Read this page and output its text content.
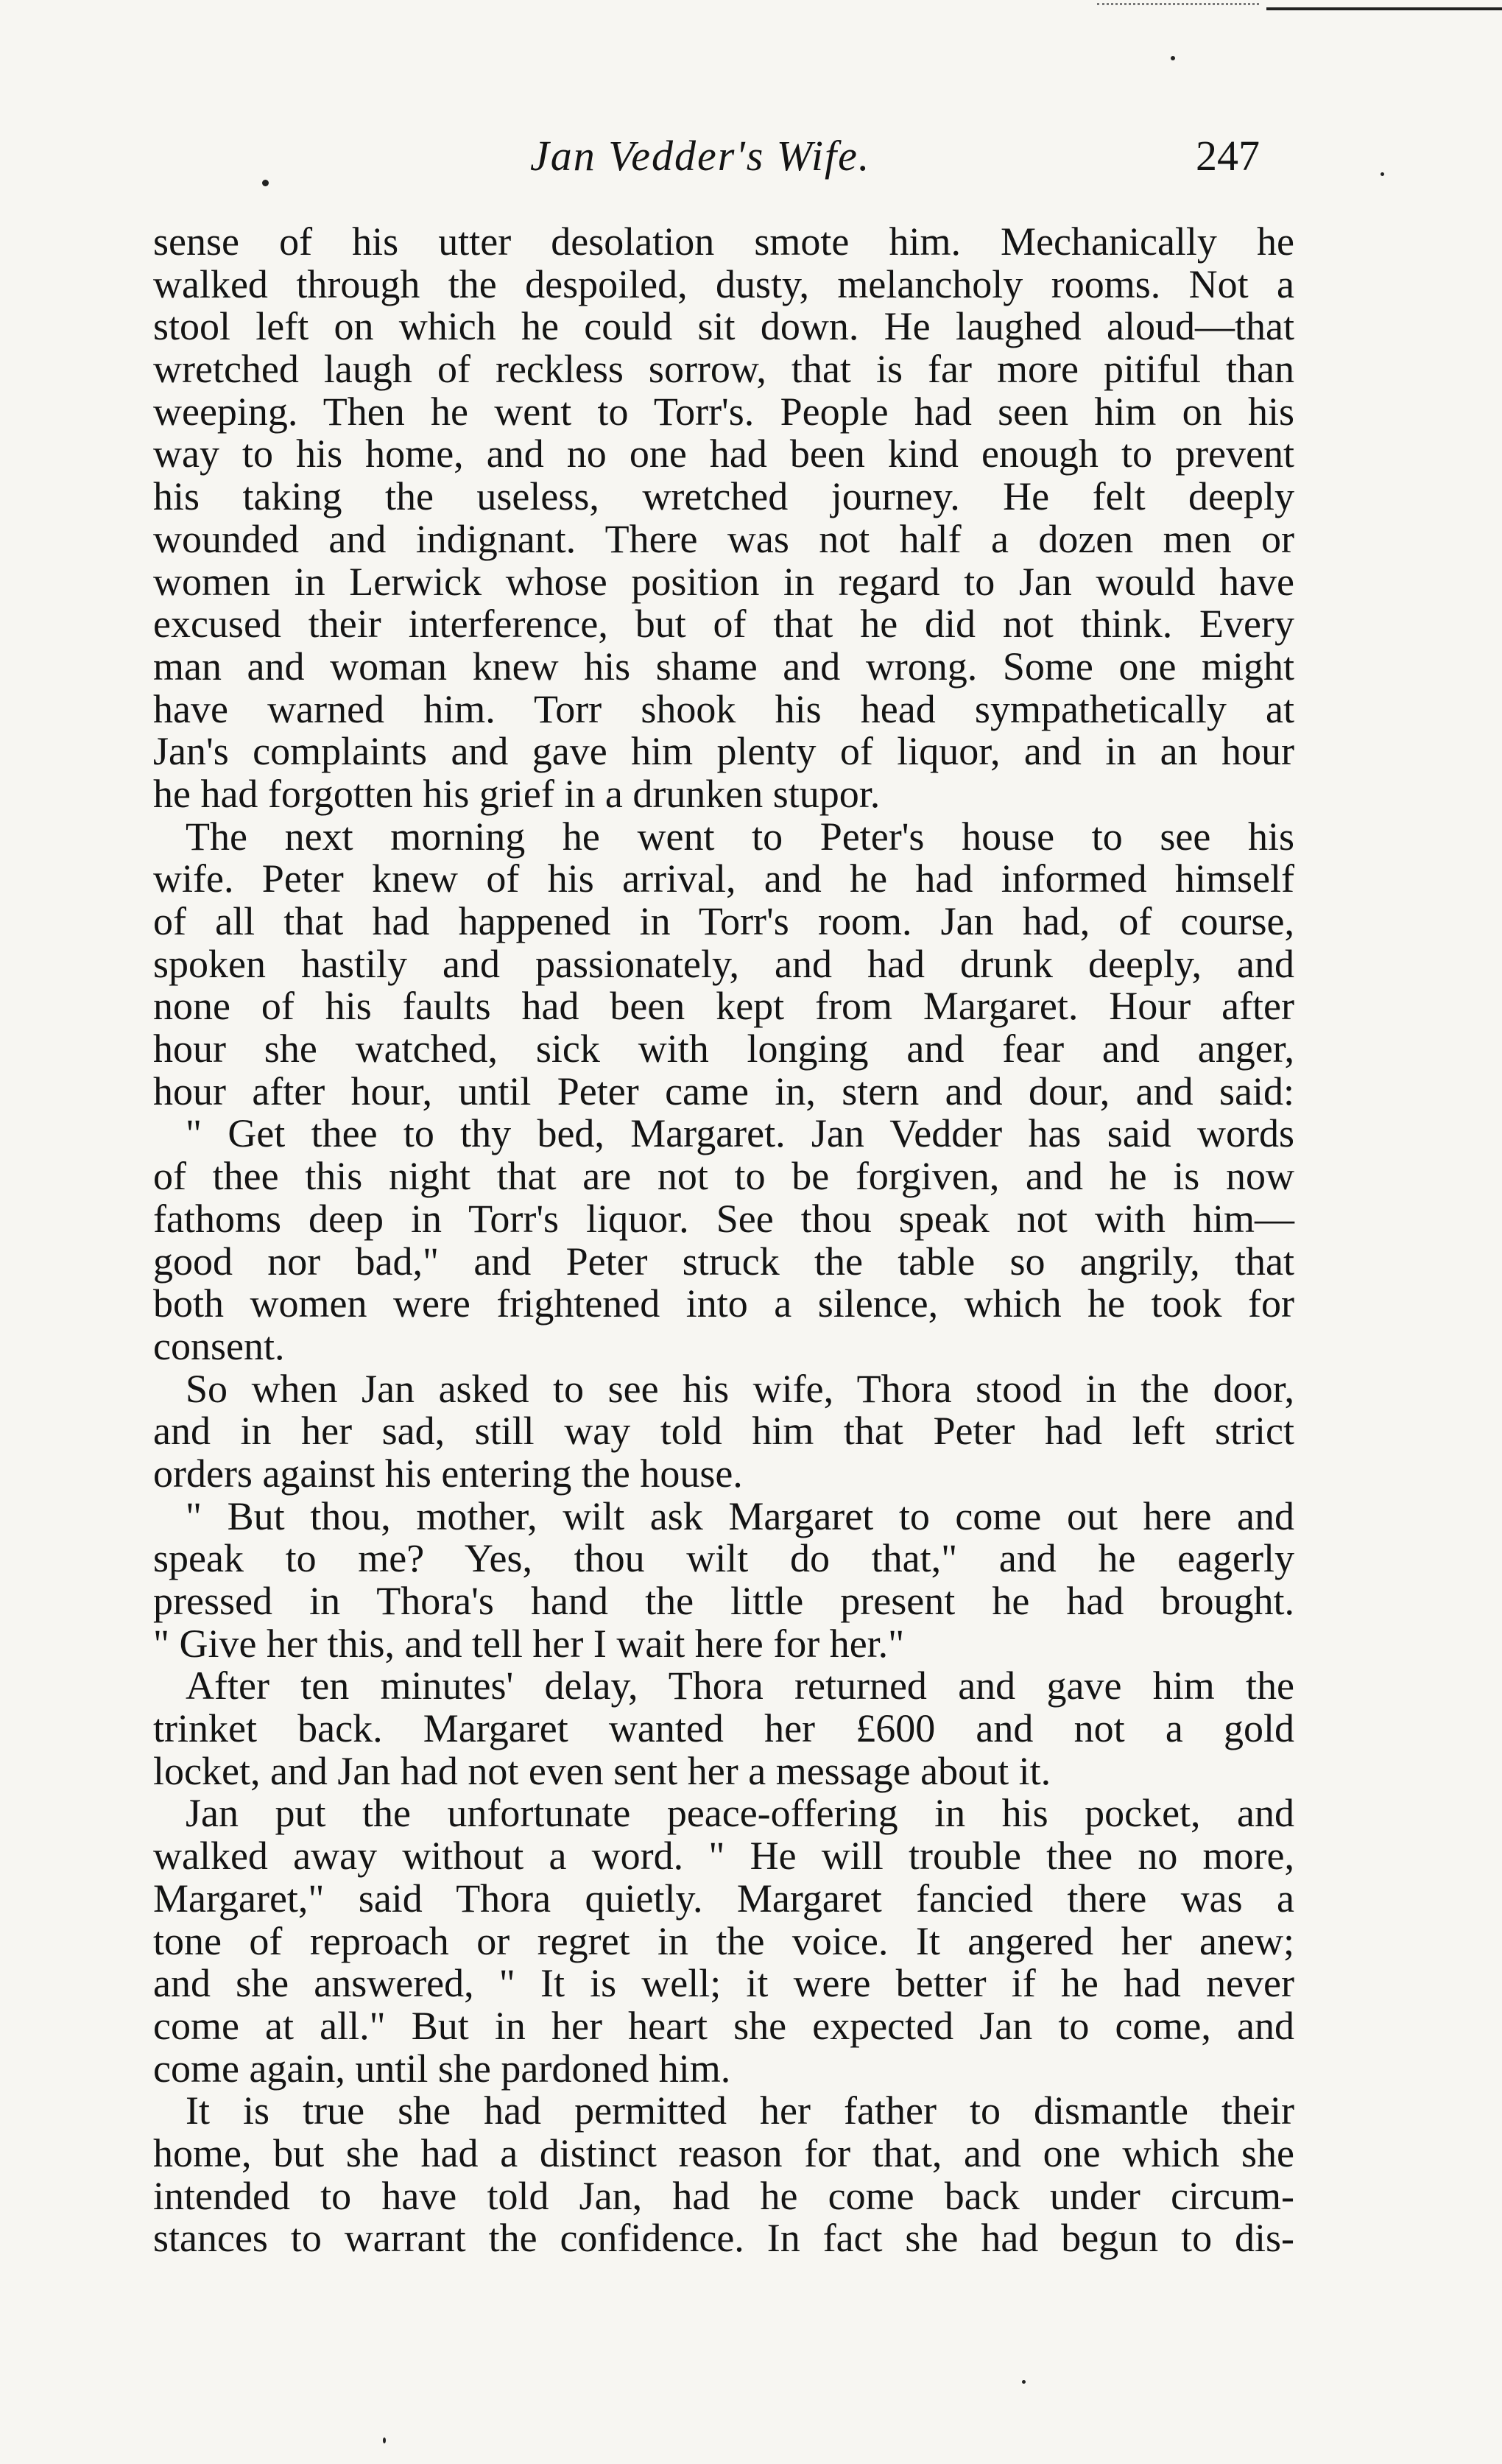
Jan Vedder's Wife.	247
sense of his utter desolation smote him. Mechanically he
walked through the despoiled, dusty, melancholy rooms. Not a
stool left on which he could sit down. He laughed aloud—that
wretched laugh of reckless sorrow, that is far more pitiful than
weeping. Then he went to Torr's. People had seen him on his
way to his home, and no one had been kind enough to prevent
his taking the useless, wretched journey. He felt deeply
wounded and indignant. There was not half a dozen men or
women in Lerwick whose position in regard to Jan would have
excused their interference, but of that he did not think. Every
man and woman knew his shame and wrong. Some one might
have warned him. Torr shook his head sympathetically at
Jan's complaints and gave him plenty of liquor, and in an hour
he had forgotten his grief in a drunken stupor.
The next morning he went to Peter's house to see his
wife. Peter knew of his arrival, and he had informed himself
of all that had happened in Torr's room. Jan had, of course,
spoken hastily and passionately, and had drunk deeply, and
none of his faults had been kept from Margaret. Hour after
hour she watched, sick with longing and fear and anger,
hour after hour, until Peter came in, stern and dour, and said:
" Get thee to thy bed, Margaret. Jan Vedder has said words
of thee this night that are not to be forgiven, and he is now
fathoms deep in Torr's liquor. See thou speak not with him—
good nor bad," and Peter struck the table so angrily, that
both women were frightened into a silence, which he took for
consent.
So when Jan asked to see his wife, Thora stood in the door,
and in her sad, still way told him that Peter had left strict
orders against his entering the house.
" But thou, mother, wilt ask Margaret to come out here and
speak to me? Yes, thou wilt do that," and he eagerly
pressed in Thora's hand the little present he had brought.
" Give her this, and tell her I wait here for her."
After ten minutes' delay, Thora returned and gave him the
trinket back. Margaret wanted her £600 and not a gold
locket, and Jan had not even sent her a message about it.
Jan put the unfortunate peace-offering in his pocket, and
walked away without a word. " He will trouble thee no more,
Margaret," said Thora quietly. Margaret fancied there was a
tone of reproach or regret in the voice. It angered her anew;
and she answered, " It is well; it were better if he had never
come at all." But in her heart she expected Jan to come, and
come again, until she pardoned him.
It is true she had permitted her father to dismantle their
home, but she had a distinct reason for that, and one which she
intended to have told Jan, had he come back under circum-
stances to warrant the confidence. In fact she had begun to dis-
